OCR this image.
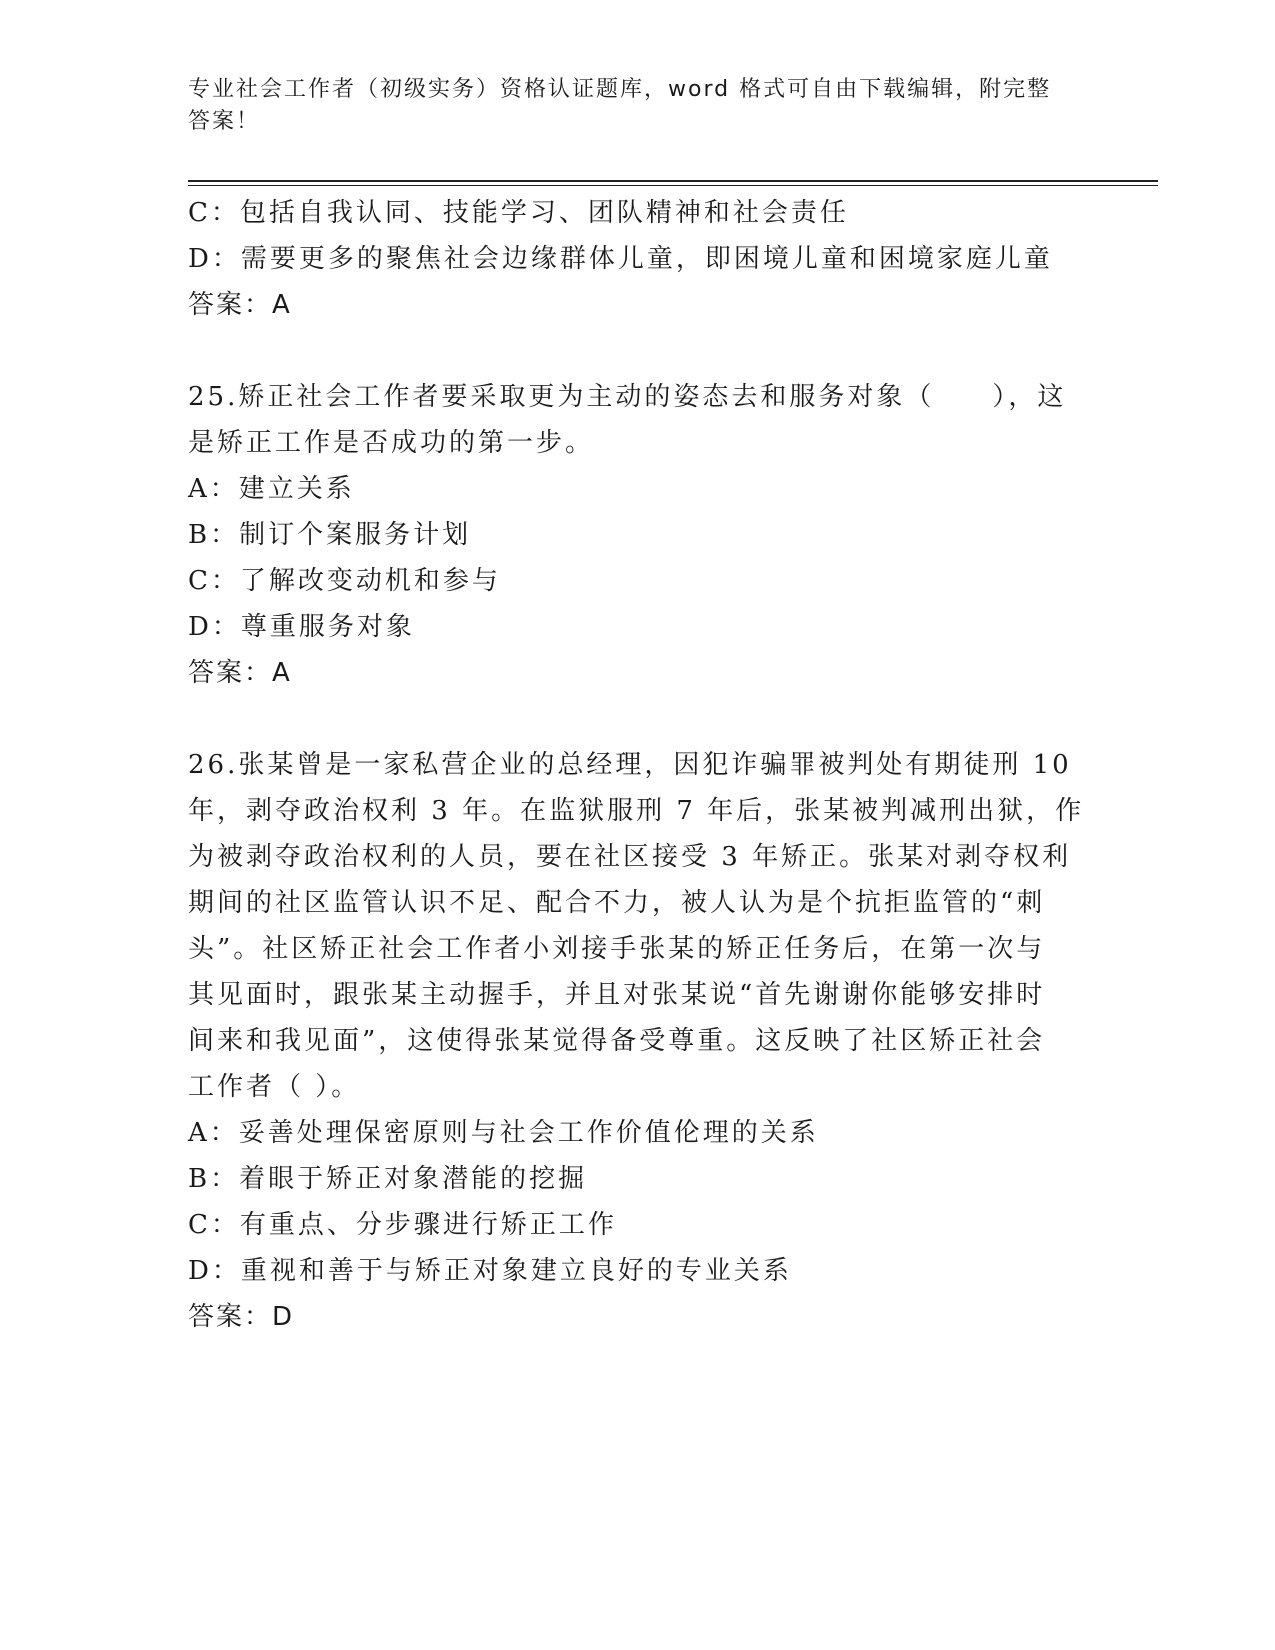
专业社会工作者（初级实务）资格认证题库，word 格式可自由下载编辑，附完整
答案！
C：包括自我认同、技能学习、团队精神和社会责任
D：需要更多的聚焦社会边缘群体儿童，即困境儿童和困境家庭儿童
答案：A
25.矫正社会工作者要采取更为主动的姿态去和服务对象（　　），这
是矫正工作是否成功的第一步。
A：建立关系
B：制订个案服务计划
C：了解改变动机和参与
D：尊重服务对象
答案：A
26.张某曾是一家私营企业的总经理，因犯诈骗罪被判处有期徒刑 10
年，剥夺政治权利 3 年。在监狱服刑 7 年后，张某被判减刑出狱，作
为被剥夺政治权利的人员，要在社区接受 3 年矫正。张某对剥夺权利
期间的社区监管认识不足、配合不力，被人认为是个抗拒监管的“刺
头”。社区矫正社会工作者小刘接手张某的矫正任务后，在第一次与
其见面时，跟张某主动握手，并且对张某说“首先谢谢你能够安排时
间来和我见面”，这使得张某觉得备受尊重。这反映了社区矫正社会
工作者（ ）。
A：妥善处理保密原则与社会工作价值伦理的关系
B：着眼于矫正对象潜能的挖掘
C：有重点、分步骤进行矫正工作
D：重视和善于与矫正对象建立良好的专业关系
答案：D
